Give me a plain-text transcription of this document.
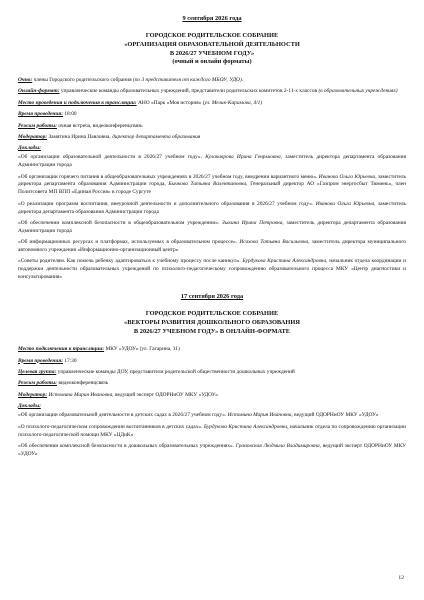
9 сентября 2026 года
ГОРОДСКОЕ РОДИТЕЛЬСКОЕ СОБРАНИЕ
«ОРГАНИЗАЦИЯ ОБРАЗОВАТЕЛЬНОЙ ДЕЯТЕЛЬНОСТИ
В 2026/27 УЧЕБНОМ ГОДУ»
(очный и онлайн форматы)
Очно: члены Городского родительского собрания (по 3 представителя от каждого МБОУ, УДО).
Онлайн-формат: управленческие команды образовательных учреждений, представители родительских комитетов 2-11-х классов (в образовательных учреждениях)
Место проведения и подключения к трансляции: АНО «Парк «Моя история» (ул. Мелик-Карамова, 4/1)
Время проведения: 18:00
Режим работы: очная встреча, видеоконференцсвязь
Модератор: Замятина Ирина Павловна, директор департамента образования
Доклады:
«Об организации образовательной деятельности в 2026/27 учебном году». Кулакаврова Ирина Генрьковна, заместитель директора департамента образования Администрации города
«Об организации горячего питания в общеобразовательных учреждениях в 2026/27 учебном году, внедрении вариантного меню». Иванова Ольга Юрьевна, заместитель директора департамента образования Администрации города, Бычкова Татьяна Валентиновна, Генеральный директор АО «Газпром энергосбыт Тюмень», член Политсовета МП ВПП «Единая Россия» в городе Сургуте
«О реализации программ воспитания, внеурочной деятельности и дополнительного образования в 2026/27 учебном году». Иванова Ольга Юрьевна, заместитель директора департамента образования Администрации города
«Об обеспечении комплексной безопасности в общеобразовательном учреждении». Зыкина Ирина Петровна, заместитель директора департамента образования Администрации города
«Об информационных ресурсах и платформах, используемых в образовательном процессе». Исахова Татьяна Васильевна, заместитель директора муниципального автономного учреждения «Информационно-организационный центр»
«Советы родителям. Как помочь ребенку адаптироваться к учебному процессу после каникул». Бурдукова Кристина Александровна, начальник отдела координации и поддержки деятельности образовательных учреждений по психолого-педагогическому сопровождению образовательного процесса МКУ «Центр диагностики и консультирования»
17 сентября 2026 года
ГОРОДСКОЕ РОДИТЕЛЬСКОЕ СОБРАНИЕ
«ВЕКТОРЫ РАЗВИТИЯ ДОШКОЛЬНОГО ОБРАЗОВАНИЯ
В 2026/27 УЧЕБНОМ ГОДУ» В ОНЛАЙН-ФОРМАТЕ
Место подключения к трансляции: МКУ «УДОУ» (ул. Гагарина, 11)
Время проведения: 17:30
Целевая группа: управленческие команды ДОУ, представители родительской общественности дошкольных учреждений
Режим работы: видеоконференцсвязь
Модератор: Истомина Мария Ивановна, ведущий эксперт ОДОРНиОУ МКУ «УДОУ»
Доклады:
«Об организации образовательной деятельности в детских садах в 2026/27 учебном году». Истомина Мария Ивановна, ведущий ОДОРНиОУ МКУ «УДОУ»
«О психолого-педагогическом сопровождении воспитанников в детских садах». Бурдукова Кристина Александровна, начальник отдела по сопровождению организации психолого-педагогической помощи МКУ «ЦДиК»
«Об обеспечении комплексной безопасности в дошкольных образовательных учреждениях». Грановская Людмила Владимировна, ведущий эксперт ОДОРНиОУ МКУ «УДОУ»
12
